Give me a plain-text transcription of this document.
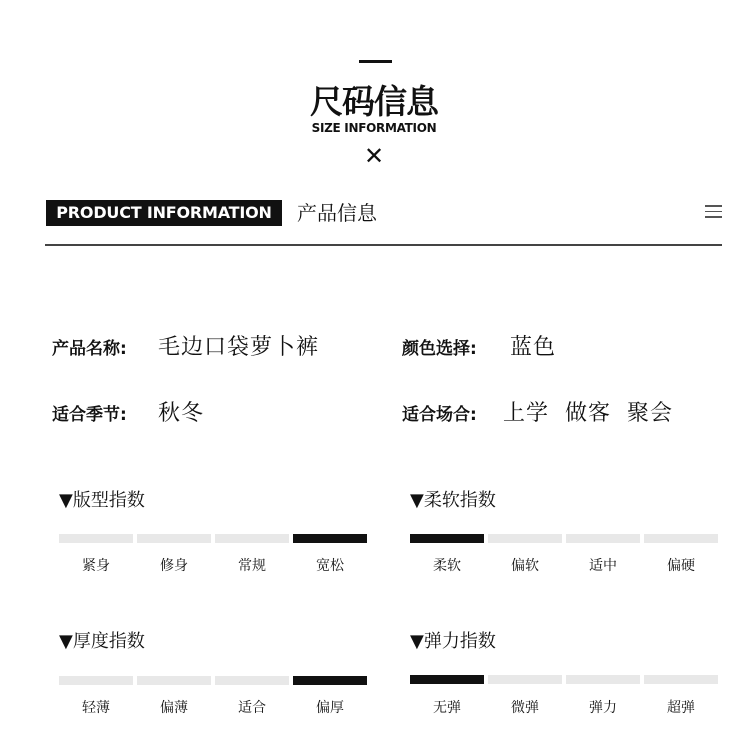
尺码信息
SIZE INFORMATION
✕
PRODUCT INFORMATION	产品信息
产品名称: 毛边口袋萝卜裤	颜色选择: 蓝色
适合季节: 秋冬	适合场合: 上学  做客  聚会
▼版型指数
紧身	修身	常规	宽松
▼柔软指数
柔软	偏软	适中	偏硬
▼厚度指数
轻薄	偏薄	适合	偏厚
▼弹力指数
无弹	微弹	弹力	超弹
